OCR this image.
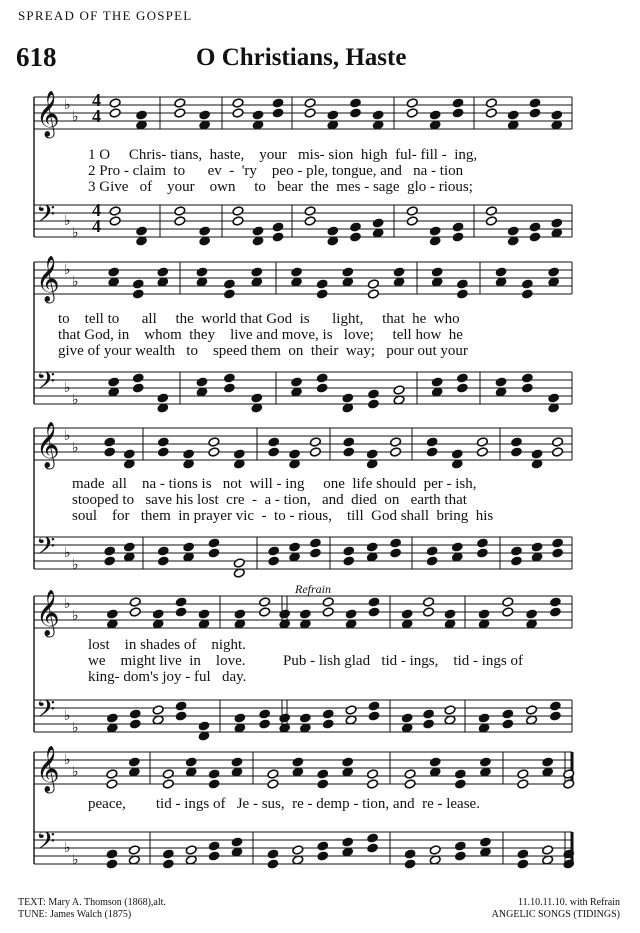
SPREAD OF THE GOSPEL
618	O Christians, Haste
𝄞 ♭
♭
𝄢 ♭
♭
𝄞 ♭
♭
𝄢 ♭
♭
𝄞 ♭
♭
𝄢 ♭
♭
𝄞 ♭
♭
𝄢 ♭
♭
𝄞 ♭
♭
𝄢 ♭
♭
4
4
4
4
1 O     Chris- tians,  haste,    your   mis- sion  high  ful- fill -  ing,
2 Pro - claim  to      ev  -  'ry    peo - ple, tongue, and   na - tion
3 Give   of    your    own     to   bear  the  mes - sage  glo - rious;
to    tell to      all     the  world that God  is      light,     that  he  who
that God, in    whom  they    live and move, is   love;     tell how  he
give of your wealth   to    speed them  on  their  way;   pour out your
made  all    na - tions is   not  will - ing     one  life should  per - ish,
stooped to   save his lost  cre  -  a - tion,   and  died  on   earth that
soul    for   them  in prayer vic  -  to - rious,    till  God shall  bring  his
Refrain
lost    in shades of    night.
we    might live  in    love.          Pub - lish glad   tid - ings,    tid - ings of
king- dom's joy - ful   day.
peace,        tid - ings of   Je - sus,  re - demp - tion, and  re - lease.
TEXT: Mary A. Thomson (1868),alt.
TUNE: James Walch (1875)
11.10.11.10. with Refrain
ANGELIC SONGS (TIDINGS)
